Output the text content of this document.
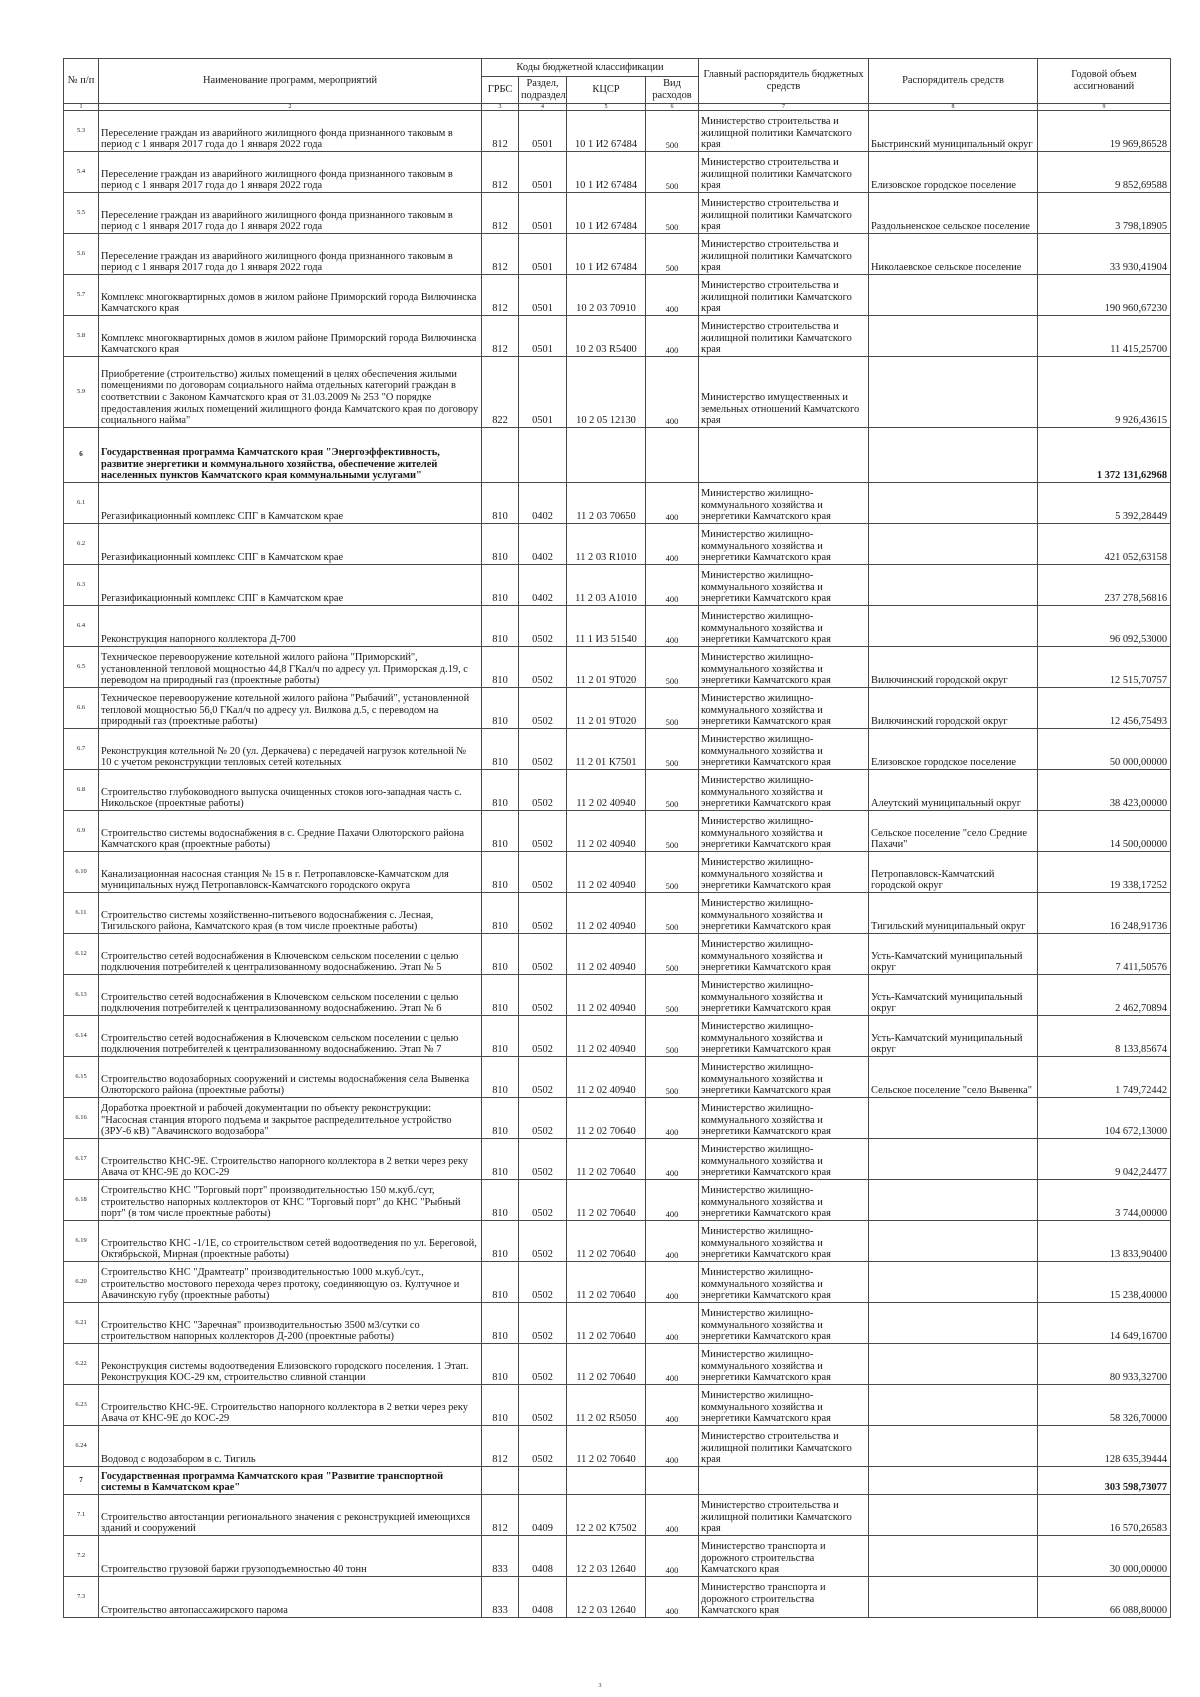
№ п/п	Наименование программ, мероприятий	Коды бюджетной классификации				Главный распорядитель бюджетных средств	Распорядитель средств	Годовой объем ассигнований
		ГРБС	Раздел, подраздел	КЦСР	Вид расходов			
1	2	3	4	5	6	7	8	9
5.3	Переселение граждан из аварийного жилищного фонда признанного таковым в период с 1 января 2017 года до 1 января 2022 года	812	0501	10 1 И2 67484	500	Министерство строительства и жилищной политики Камчатского края	Быстринский муниципальный округ	19 969,86528
5.4	Переселение граждан из аварийного жилищного фонда признанного таковым в период с 1 января 2017 года до 1 января 2022 года	812	0501	10 1 И2 67484	500	Министерство строительства и жилищной политики Камчатского края	Елизовское городское поселение	9 852,69588
5.5	Переселение граждан из аварийного жилищного фонда признанного таковым в период с 1 января 2017 года до 1 января 2022 года	812	0501	10 1 И2 67484	500	Министерство строительства и жилищной политики Камчатского края	Раздольненское сельское поселение	3 798,18905
5.6	Переселение граждан из аварийного жилищного фонда признанного таковым в период с 1 января 2017 года до 1 января 2022 года	812	0501	10 1 И2 67484	500	Министерство строительства и жилищной политики Камчатского края	Николаевское сельское поселение	33 930,41904
5.7	Комплекс многоквартирных домов в жилом районе Приморский города Вилючинска Камчатского края	812	0501	10 2 03 70910	400	Министерство строительства и жилищной политики Камчатского края		190 960,67230
5.8	Комплекс многоквартирных домов в жилом районе Приморский города Вилючинска Камчатского края	812	0501	10 2 03 R5400	400	Министерство строительства и жилищной политики Камчатского края		11 415,25700
5.9	Приобретение (строительство) жилых помещений в целях обеспечения жилыми помещениями по договорам социального найма отдельных категорий граждан в соответствии с Законом Камчатского края от 31.03.2009 № 253 "О порядке предоставления жилых помещений жилищного фонда Камчатского края по договору социального найма"	822	0501	10 2 05 12130	400	Министерство имущественных и земельных отношений Камчатского края		9 926,43615
6	Государственная программа Камчатского края "Энергоэффективность, развитие энергетики и коммунального хозяйства, обеспечение жителей населенных пунктов Камчатского края коммунальными услугами"							1 372 131,62968
6.1	Регазификационный комплекс СПГ в Камчатском крае	810	0402	11 2 03 70650	400	Министерство жилищно-коммунального хозяйства и энергетики Камчатского края		5 392,28449
6.2	Регазификационный комплекс СПГ в Камчатском крае	810	0402	11 2 03 R1010	400	Министерство жилищно-коммунального хозяйства и энергетики Камчатского края		421 052,63158
6.3	Регазификационный комплекс СПГ в Камчатском крае	810	0402	11 2 03 А1010	400	Министерство жилищно-коммунального хозяйства и энергетики Камчатского края		237 278,56816
6.4	Реконструкция напорного коллектора Д-700	810	0502	11 1 И3 51540	400	Министерство жилищно-коммунального хозяйства и энергетики Камчатского края		96 092,53000
6.5	Техническое перевооружение котельной жилого района "Приморский", установленной тепловой мощностью 44,8 ГКал/ч по адресу ул. Приморская д.19, с переводом на природный газ (проектные работы)	810	0502	11 2 01 9Т020	500	Министерство жилищно-коммунального хозяйства и энергетики Камчатского края	Вилючинский городской округ	12 515,70757
6.6	Техническое перевооружение котельной жилого района "Рыбачий", установленной тепловой мощностью 56,0 ГКал/ч по адресу ул. Вилкова д.5, с переводом на природный газ (проектные работы)	810	0502	11 2 01 9Т020	500	Министерство жилищно-коммунального хозяйства и энергетики Камчатского края	Вилючинский городской округ	12 456,75493
6.7	Реконструкция котельной № 20 (ул. Деркачева) с передачей нагрузок котельной № 10 с учетом реконструкции тепловых сетей котельных	810	0502	11 2 01 К7501	500	Министерство жилищно-коммунального хозяйства и энергетики Камчатского края	Елизовское городское поселение	50 000,00000
6.8	Строительство глубоководного выпуска очищенных стоков юго-западная часть с. Никольское (проектные работы)	810	0502	11 2 02 40940	500	Министерство жилищно-коммунального хозяйства и энергетики Камчатского края	Алеутский муниципальный округ	38 423,00000
6.9	Строительство системы водоснабжения в с. Средние Пахачи Олюторского района Камчатского края (проектные работы)	810	0502	11 2 02 40940	500	Министерство жилищно-коммунального хозяйства и энергетики Камчатского края	Сельское поселение "село Средние Пахачи"	14 500,00000
6.10	Канализационная насосная станция № 15 в г. Петропавловске-Камчатском для муниципальных нужд Петропавловск-Камчатского городского округа	810	0502	11 2 02 40940	500	Министерство жилищно-коммунального хозяйства и энергетики Камчатского края	Петропавловск-Камчатский городской округ	19 338,17252
6.11	Строительство системы хозяйственно-питьевого водоснабжения с. Лесная, Тигильского района, Камчатского края (в том числе проектные работы)	810	0502	11 2 02 40940	500	Министерство жилищно-коммунального хозяйства и энергетики Камчатского края	Тигильский муниципальный округ	16 248,91736
6.12	Строительство сетей водоснабжения в Ключевском сельском поселении с целью подключения потребителей к централизованному водоснабжению. Этап № 5	810	0502	11 2 02 40940	500	Министерство жилищно-коммунального хозяйства и энергетики Камчатского края	Усть-Камчатский муниципальный округ	7 411,50576
6.13	Строительство сетей водоснабжения в Ключевском сельском поселении с целью подключения потребителей к централизованному водоснабжению. Этап № 6	810	0502	11 2 02 40940	500	Министерство жилищно-коммунального хозяйства и энергетики Камчатского края	Усть-Камчатский муниципальный округ	2 462,70894
6.14	Строительство сетей водоснабжения в Ключевском сельском поселении с целью подключения потребителей к централизованному водоснабжению. Этап № 7	810	0502	11 2 02 40940	500	Министерство жилищно-коммунального хозяйства и энергетики Камчатского края	Усть-Камчатский муниципальный округ	8 133,85674
6.15	Строительство водозаборных сооружений и системы водоснабжения села Вывенка Олюторского района (проектные работы)	810	0502	11 2 02 40940	500	Министерство жилищно-коммунального хозяйства и энергетики Камчатского края	Сельское поселение "село Вывенка"	1 749,72442
6.16	Доработка проектной и рабочей документации по объекту реконструкции: "Насосная станция второго подъема и закрытое распределительное устройство (ЗРУ-6 кВ) "Авачинского водозабора"	810	0502	11 2 02 70640	400	Министерство жилищно-коммунального хозяйства и энергетики Камчатского края		104 672,13000
6.17	Строительство КНС-9Е. Строительство напорного коллектора в 2 ветки через реку Авача от КНС-9Е до КОС-29	810	0502	11 2 02 70640	400	Министерство жилищно-коммунального хозяйства и энергетики Камчатского края		9 042,24477
6.18	Строительство КНС "Торговый порт" производительностью 150 м.куб./сут, строительство напорных коллекторов от КНС "Торговый порт" до КНС "Рыбный порт" (в том числе проектные работы)	810	0502	11 2 02 70640	400	Министерство жилищно-коммунального хозяйства и энергетики Камчатского края		3 744,00000
6.19	Строительство КНС -1/1Е, со строительством сетей водоотведения по ул. Береговой, Октябрьской, Мирная (проектные работы)	810	0502	11 2 02 70640	400	Министерство жилищно-коммунального хозяйства и энергетики Камчатского края		13 833,90400
6.20	Строительство КНС "Драмтеатр" производительностью 1000 м.куб./сут., строительство мостового перехода через протоку, соединяющую оз. Култучное и Авачинскую губу (проектные работы)	810	0502	11 2 02 70640	400	Министерство жилищно-коммунального хозяйства и энергетики Камчатского края		15 238,40000
6.21	Строительство КНС "Заречная" производительностью 3500 м3/сутки со строительством напорных коллекторов Д-200 (проектные работы)	810	0502	11 2 02 70640	400	Министерство жилищно-коммунального хозяйства и энергетики Камчатского края		14 649,16700
6.22	Реконструкция системы водоотведения Елизовского городского поселения. 1 Этап. Реконструкция КОС-29 км, строительство сливной станции	810	0502	11 2 02 70640	400	Министерство жилищно-коммунального хозяйства и энергетики Камчатского края		80 933,32700
6.23	Строительство КНС-9Е. Строительство напорного коллектора в 2 ветки через реку Авача от КНС-9Е до КОС-29	810	0502	11 2 02 R5050	400	Министерство жилищно-коммунального хозяйства и энергетики Камчатского края		58 326,70000
6.24	Водовод с водозабором в с. Тигиль	812	0502	11 2 02 70640	400	Министерство строительства и жилищной политики Камчатского края		128 635,39444
7	Государственная программа Камчатского края "Развитие транспортной системы в Камчатском крае"							303 598,73077
7.1	Строительство автостанции регионального значения с реконструкцией имеющихся зданий и сооружений	812	0409	12 2 02 К7502	400	Министерство строительства и жилищной политики Камчатского края		16 570,26583
7.2	Строительство грузовой баржи грузоподъемностью 40 тонн	833	0408	12 2 03 12640	400	Министерство транспорта и дорожного строительства Камчатского края		30 000,00000
7.3	Строительство автопассажирского парома	833	0408	12 2 03 12640	400	Министерство транспорта и дорожного строительства Камчатского края		66 088,80000
3
